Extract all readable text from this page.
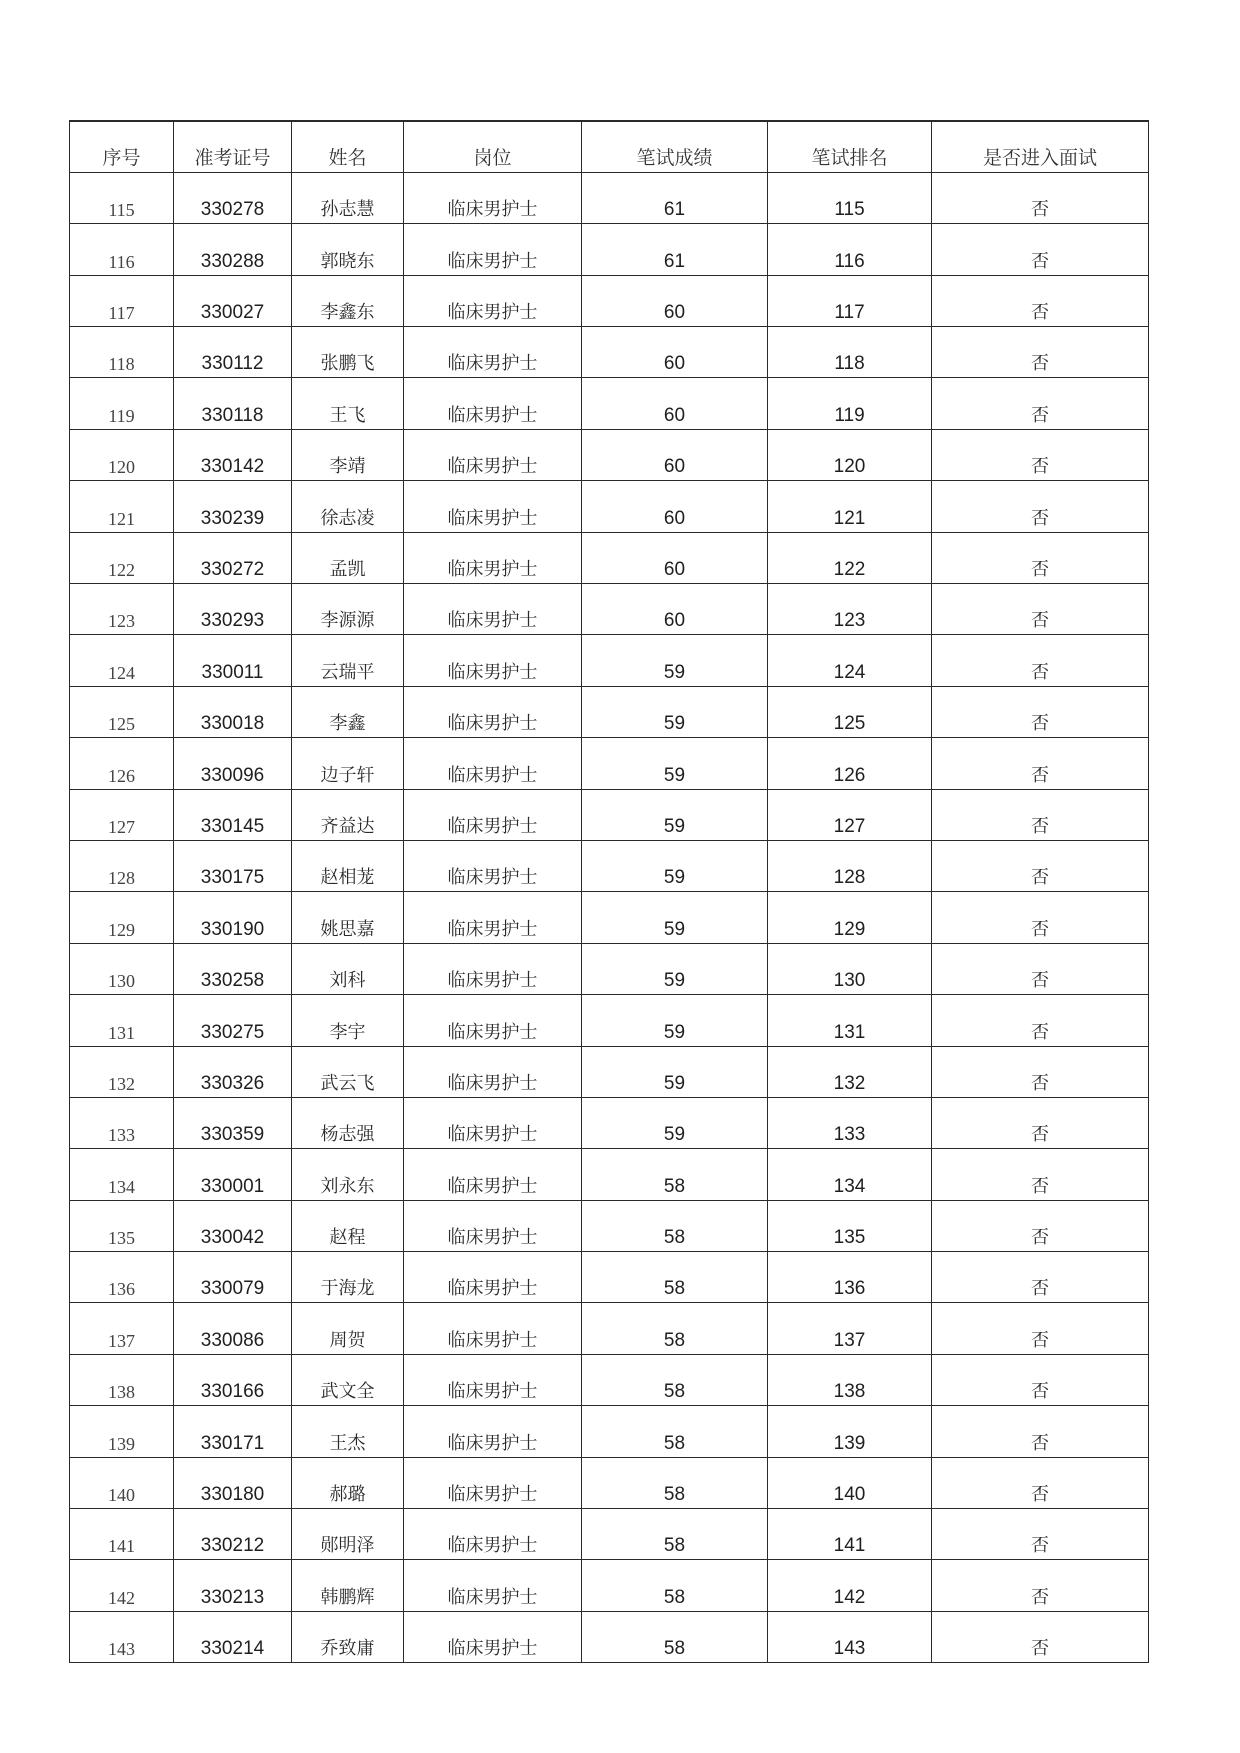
序号	准考证号	姓名	岗位	笔试成绩	笔试排名	是否进入面试
115	330278	孙志慧	临床男护士	61	115	否
116	330288	郭晓东	临床男护士	61	116	否
117	330027	李鑫东	临床男护士	60	117	否
118	330112	张鹏飞	临床男护士	60	118	否
119	330118	王飞	临床男护士	60	119	否
120	330142	李靖	临床男护士	60	120	否
121	330239	徐志凌	临床男护士	60	121	否
122	330272	孟凯	临床男护士	60	122	否
123	330293	李源源	临床男护士	60	123	否
124	330011	云瑞平	临床男护士	59	124	否
125	330018	李鑫	临床男护士	59	125	否
126	330096	边子轩	临床男护士	59	126	否
127	330145	齐益达	临床男护士	59	127	否
128	330175	赵相茏	临床男护士	59	128	否
129	330190	姚思嘉	临床男护士	59	129	否
130	330258	刘科	临床男护士	59	130	否
131	330275	李宇	临床男护士	59	131	否
132	330326	武云飞	临床男护士	59	132	否
133	330359	杨志强	临床男护士	59	133	否
134	330001	刘永东	临床男护士	58	134	否
135	330042	赵程	临床男护士	58	135	否
136	330079	于海龙	临床男护士	58	136	否
137	330086	周贺	临床男护士	58	137	否
138	330166	武文全	临床男护士	58	138	否
139	330171	王杰	临床男护士	58	139	否
140	330180	郝璐	临床男护士	58	140	否
141	330212	郧明泽	临床男护士	58	141	否
142	330213	韩鹏辉	临床男护士	58	142	否
143	330214	乔致庸	临床男护士	58	143	否
